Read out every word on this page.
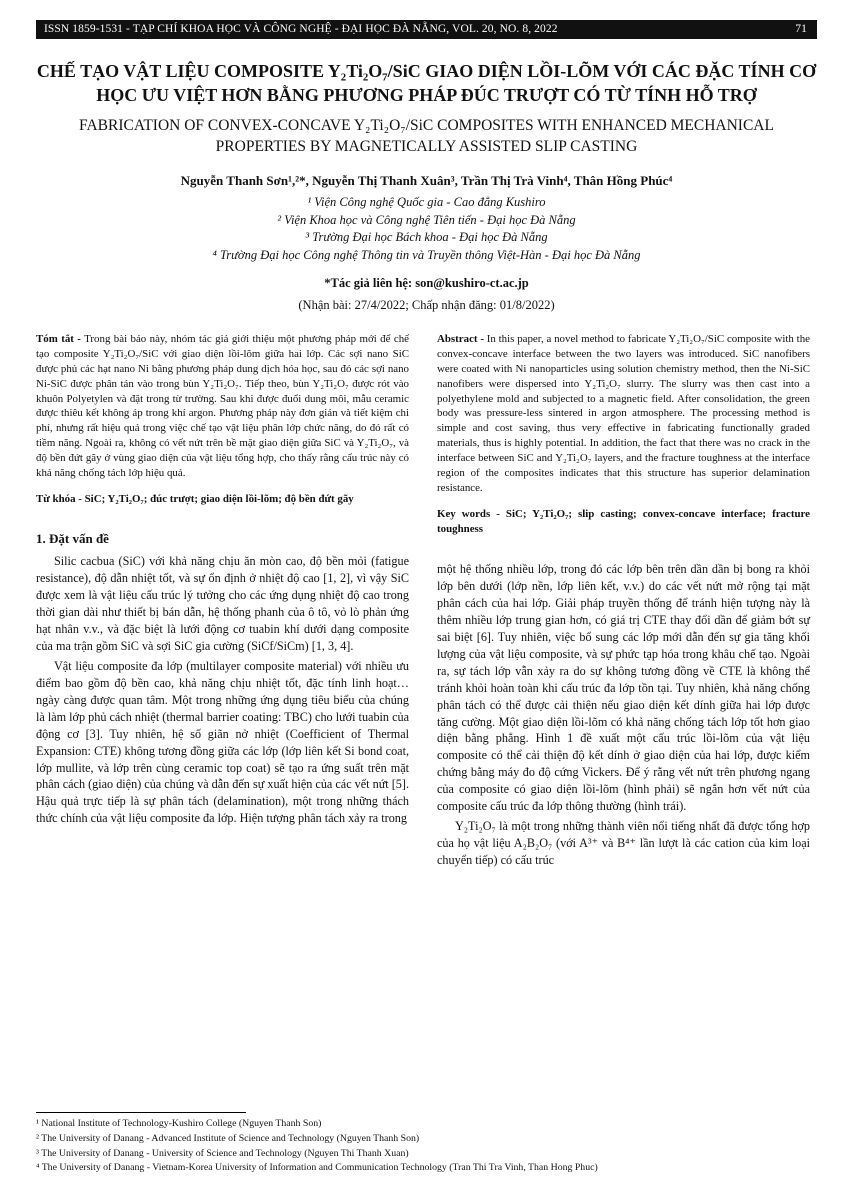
ISSN 1859-1531 - TẠP CHÍ KHOA HỌC VÀ CÔNG NGHỆ - ĐẠI HỌC ĐÀ NẴNG, VOL. 20, NO. 8, 2022	71
CHẾ TẠO VẬT LIỆU COMPOSITE Y₂Ti₂O₇/SiC GIAO DIỆN LỒI-LÕM VỚI CÁC ĐẶC TÍNH CƠ HỌC ƯU VIỆT HƠN BẰNG PHƯƠNG PHÁP ĐÚC TRƯỢT CÓ TỪ TÍNH HỖ TRỢ
FABRICATION OF CONVEX-CONCAVE Y₂Ti₂O₇/SiC COMPOSITES WITH ENHANCED MECHANICAL PROPERTIES BY MAGNETICALLY ASSISTED SLIP CASTING

Nguyễn Thanh Sơn¹,²*, Nguyễn Thị Thanh Xuân³, Trần Thị Trà Vinh⁴, Thân Hồng Phúc⁴

¹ Viện Công nghệ Quốc gia - Cao đẳng Kushiro
² Viện Khoa học và Công nghệ Tiên tiến - Đại học Đà Nẵng
³ Trường Đại học Bách khoa - Đại học Đà Nẵng
⁴ Trường Đại học Công nghệ Thông tin và Truyền thông Việt-Hàn - Đại học Đà Nẵng

*Tác giả liên hệ: son@kushiro-ct.ac.jp

(Nhận bài: 27/4/2022; Chấp nhận đăng: 01/8/2022)

Tóm tắt - Trong bài báo này, nhóm tác giả giới thiệu một phương pháp mới để chế tạo composite Y₂Ti₂O₇/SiC với giao diện lồi-lõm giữa hai lớp. Các sợi nano SiC được phủ các hạt nano Ni bằng phương pháp dung dịch hóa học, sau đó các sợi nano Ni-SiC được phân tán vào trong bùn Y₂Ti₂O₇. Tiếp theo, bùn Y₂Ti₂O₇ được rót vào khuôn Polyetylen và đặt trong từ trường. Sau khi được đuổi dung môi, mẫu ceramic được thiêu kết không áp trong khí argon. Phương pháp này đơn giản và tiết kiệm chi phí, nhưng rất hiệu quả trong việc chế tạo vật liệu phân lớp chức năng, do đó rất có tiềm năng. Ngoài ra, không có vết nứt trên bề mặt giao diện giữa SiC và Y₂Ti₂O₇, và độ bền đứt gãy ở vùng giao diện của vật liệu tổng hợp, cho thấy rằng cấu trúc này có khả năng chống tách lớp hiệu quả.

Từ khóa - SiC; Y₂Ti₂O₇; đúc trượt; giao diện lồi-lõm; độ bền đứt gãy

1. Đặt vấn đề

Silic cacbua (SiC) với khả năng chịu ăn mòn cao, độ bền mỏi (fatigue resistance), độ dẫn nhiệt tốt, và sự ổn định ở nhiệt độ cao [1, 2], vì vậy SiC được xem là vật liệu cấu trúc lý tưởng cho các ứng dụng nhiệt độ cao trong thời gian dài như thiết bị bán dẫn, hệ thống phanh của ô tô, vỏ lò phản ứng hạt nhân v.v., và đặc biệt là lưới động cơ tuabin khí dưới dạng composite của ma trận gồm SiC và sợi SiC gia cường (SiCf/SiCm) [1, 3, 4].

Vật liệu composite đa lớp (multilayer composite material) với nhiều ưu điểm bao gồm độ bền cao, khả năng chịu nhiệt tốt, đặc tính linh hoạt… ngày càng được quan tâm. Một trong những ứng dụng tiêu biểu của chúng là làm lớp phủ cách nhiệt (thermal barrier coating: TBC) cho lưới tuabin của động cơ [3]. Tuy nhiên, hệ số giãn nở nhiệt (Coefficient of Thermal Expansion: CTE) không tương đồng giữa các lớp (lớp liên kết Si bond coat, lớp mullite, và lớp trên cùng ceramic top coat) sẽ tạo ra ứng suất trên mặt phân cách (giao diện) của chúng và dẫn đến sự xuất hiện của các vết nứt [5]. Hậu quả trực tiếp là sự phân tách (delamination), một trong những thách thức chính của vật liệu composite đa lớp. Hiện tượng phân tách xảy ra trong

Abstract - In this paper, a novel method to fabricate Y₂Ti₂O₇/SiC composite with the convex-concave interface between the two layers was introduced. SiC nanofibers were coated with Ni nanoparticles using solution chemistry method, then the Ni-SiC nanofibers were dispersed into Y₂Ti₂O₇ slurry. The slurry was then cast into a polyethylene mold and subjected to a magnetic field. After consolidation, the green body was pressure-less sintered in argon atmosphere. The processing method is simple and cost saving, thus very effective in fabricating functionally graded materials, thus is highly potential. In addition, the fact that there was no crack in the interface between SiC and Y₂Ti₂O₇ layers, and the fracture toughness at the interface region of the composites indicates that this structure has superior delamination resistance.

Key words - SiC; Y₂Ti₂O₇; slip casting; convex-concave interface; fracture toughness

một hệ thống nhiều lớp, trong đó các lớp bên trên dần dần bị bong ra khỏi lớp bên dưới (lớp nền, lớp liên kết, v.v.) do các vết nứt mở rộng tại mặt phân cách của hai lớp. Giải pháp truyền thống để tránh hiện tượng này là thêm nhiều lớp trung gian hơn, có giá trị CTE thay đổi dần để giảm bớt sự sai biệt [6]. Tuy nhiên, việc bổ sung các lớp mới dẫn đến sự gia tăng khối lượng của vật liệu composite, và sự phức tạp hóa trong khâu chế tạo. Ngoài ra, sự tách lớp vẫn xảy ra do sự không tương đồng về CTE là không thể tránh khỏi hoàn toàn khi cấu trúc đa lớp tồn tại. Tuy nhiên, khả năng chống phân tách có thể được cải thiện nếu giao diện kết dính giữa hai lớp được tăng cường. Một giao diện lồi-lõm có khả năng chống tách lớp tốt hơn giao diện bằng phẳng. Hình 1 đề xuất một cấu trúc lồi-lõm của vật liệu composite có thể cải thiện độ kết dính ở giao diện của hai lớp, được kiểm chứng bằng máy đo độ cứng Vickers. Để ý rằng vết nứt trên phương ngang của composite có giao diện lồi-lõm (hình phải) sẽ ngắn hơn vết nứt của composite cấu trúc đa lớp thông thường (hình trái).

Y₂Ti₂O₇ là một trong những thành viên nổi tiếng nhất đã được tổng hợp của họ vật liệu A₂B₂O₇ (với A³⁺ và B⁴⁺ lần lượt là các cation của kim loại chuyển tiếp) có cấu trúc

¹ National Institute of Technology-Kushiro College (Nguyen Thanh Son)
² The University of Danang - Advanced Institute of Science and Technology (Nguyen Thanh Son)
³ The University of Danang - University of Science and Technology (Nguyen Thi Thanh Xuan)
⁴ The University of Danang - Vietnam-Korea University of Information and Communication Technology (Tran Thi Tra Vinh, Than Hong Phuc)
